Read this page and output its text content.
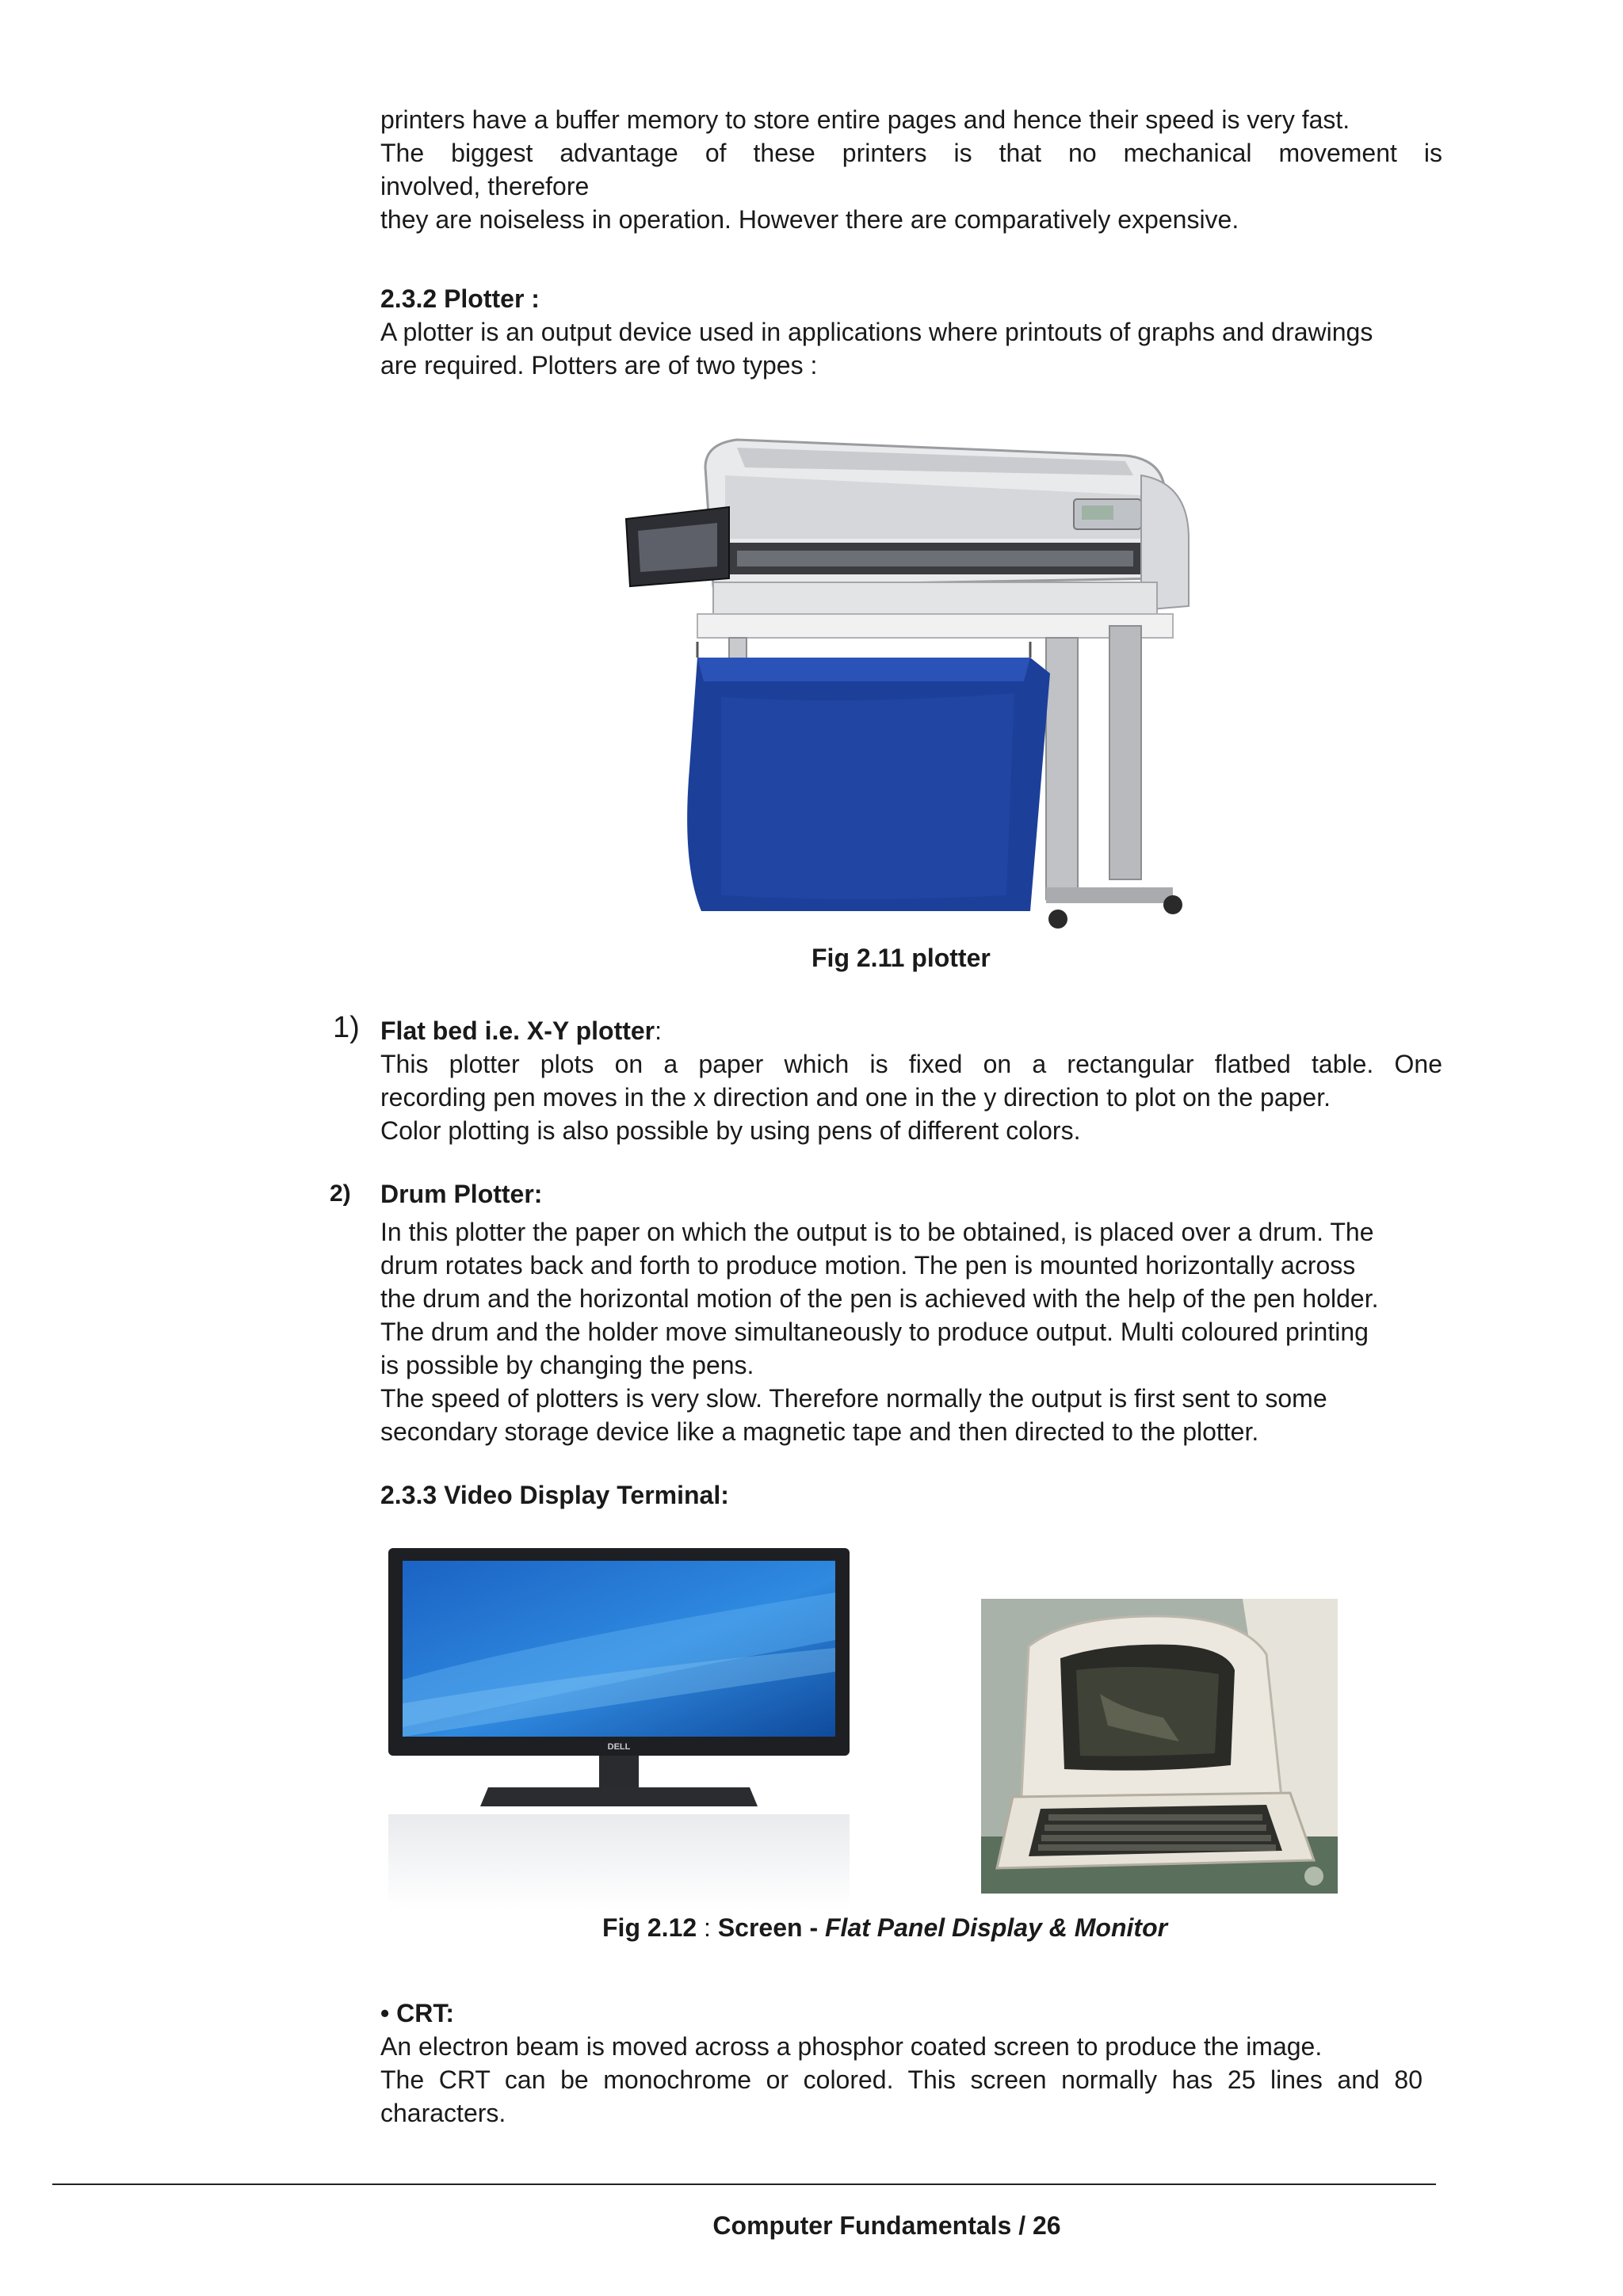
printers have a buffer memory to store entire pages and hence their speed is very fast.
The biggest advantage of these printers is that no mechanical movement is
involved, therefore
they are noiseless in operation. However there are comparatively expensive.
2.3.2 Plotter :
A plotter is an output device used in applications where printouts of graphs and drawings
are required. Plotters are of two types :
Fig 2.11 plotter
1) Flat bed i.e. X-Y plotter:
This plotter plots on a paper which is fixed on a rectangular flatbed table. One
recording pen moves in the x direction and one in the y direction to plot on the paper.
Color plotting is also possible by using pens of different colors.
2) Drum Plotter:
In this plotter the paper on which the output is to be obtained, is placed over a drum. The
drum rotates back and forth to produce motion. The pen is mounted horizontally across
the drum and the horizontal motion of the pen is achieved with the help of the pen holder.
The drum and the holder move simultaneously to produce output. Multi coloured printing
is possible by changing the pens.
The speed of plotters is very slow. Therefore normally the output is first sent to some
secondary storage device like a magnetic tape and then directed to the plotter.
2.3.3 Video Display Terminal:
DELL
Fig 2.12 : Screen - Flat Panel Display & Monitor
• CRT:
An electron beam is moved across a phosphor coated screen to produce the image.
The CRT can be monochrome or colored. This screen normally has 25 lines and 80
characters.
Computer Fundamentals / 26
